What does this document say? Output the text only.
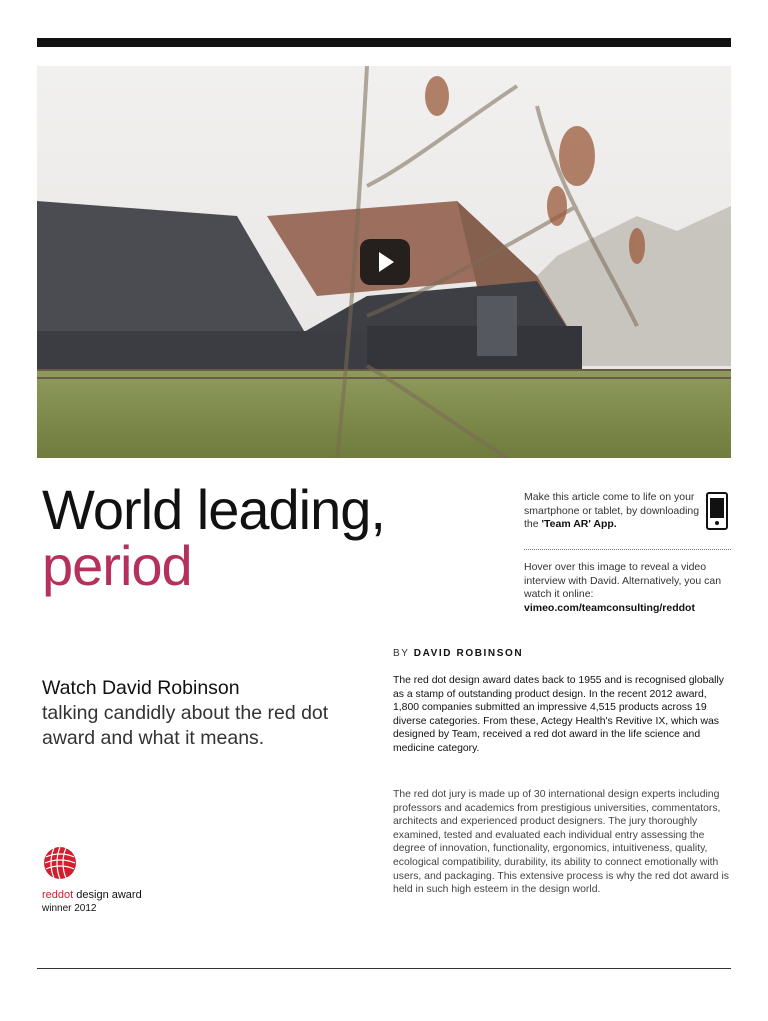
World leading,
period
Make this article come to life on your smartphone or tablet, by downloading the 'Team AR' App.
Hover over this image to reveal a video interview with David. Alternatively, you can watch it online: vimeo.com/teamconsulting/reddot
BY DAVID ROBINSON
Watch David Robinson
talking candidly about the red dot award and what it means.
The red dot design award dates back to 1955 and is recognised globally as a stamp of outstanding product design. In the recent 2012 award, 1,800 companies submitted an impressive 4,515 products across 19 diverse categories. From these, Actegy Health's Revitive IX, which was designed by Team, received a red dot award in the life science and medicine category.
The red dot jury is made up of 30 international design experts including professors and academics from prestigious universities, commentators, architects and experienced product designers. The jury thoroughly examined, tested and evaluated each individual entry assessing the degree of innovation, functionality, ergonomics, intuitiveness, quality, ecological compatibility, durability, its ability to connect emotionally with users, and packaging. This extensive process is why the red dot award is held in such high esteem in the design world.
reddot design award
winner 2012
